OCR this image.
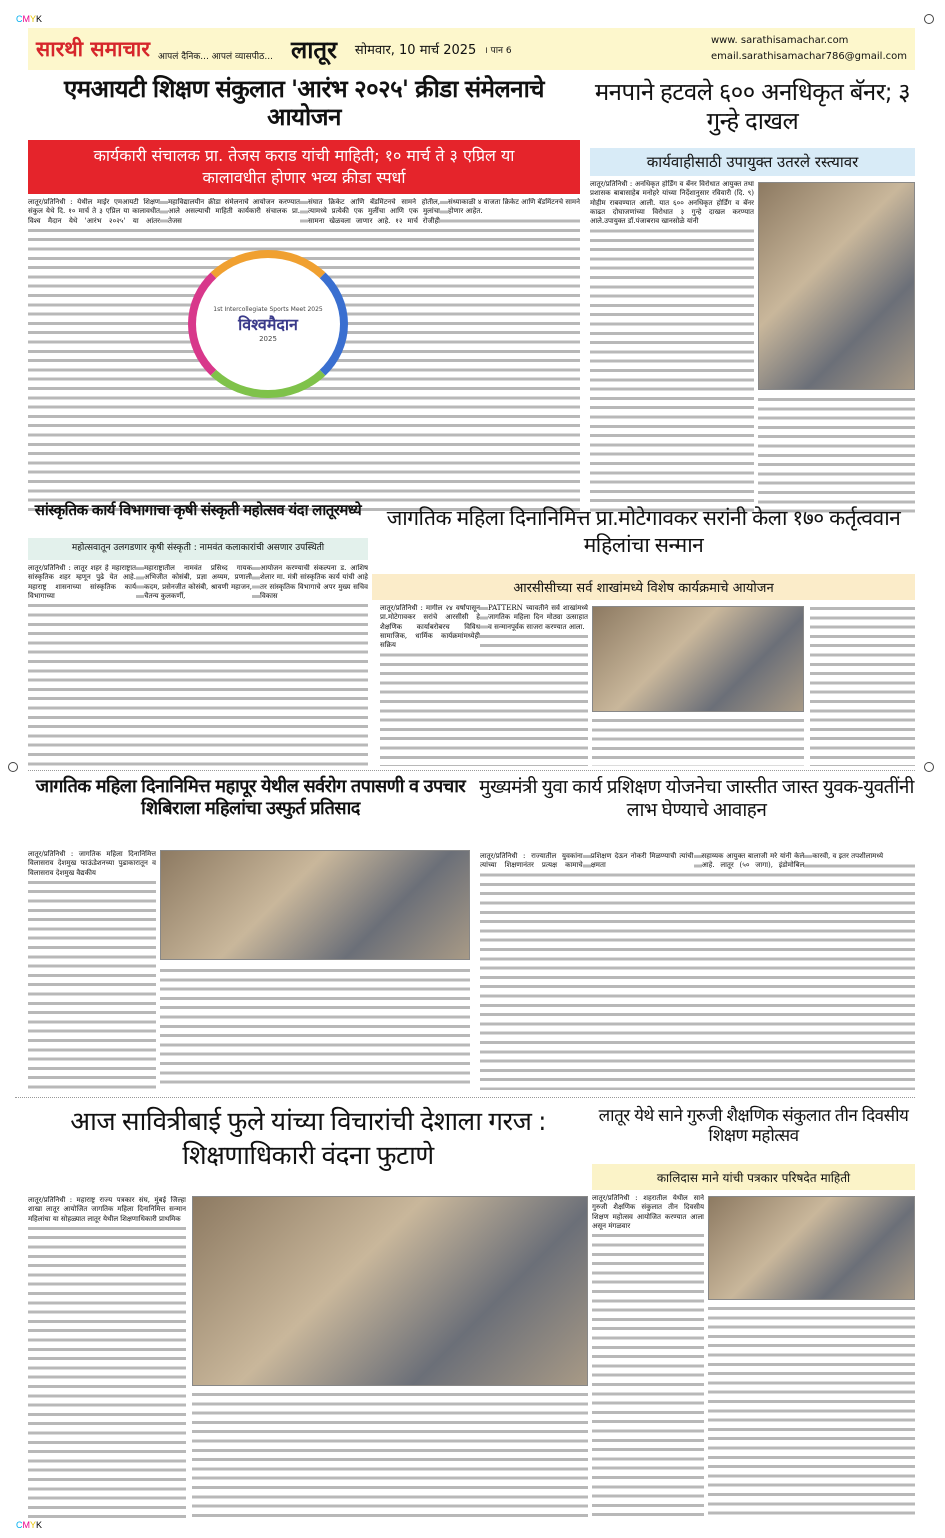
CMYK
सारथी समाचार आपलं दैनिक... आपलं व्यासपीठ... लातूर सोमवार, 10 मार्च 2025 । पान 6
www. sarathisamachar.com
email.sarathisamachar786@gmail.com
एमआयटी शिक्षण संकुलात 'आरंभ २०२५' क्रीडा संमेलनाचे आयोजन
कार्यकारी संचालक प्रा. तेजस कराड यांची माहिती; १० मार्च ते ३ एप्रिल या कालावधीत होणार भव्य क्रीडा स्पर्धा

लातूर/प्रतिनिधी : येथील माईर एमआयटी शिक्षण संकुल येथे दि. १० मार्च ते ३ एप्रिल या कालावधीत विश्व मैदान येथे 'आरंभ २०२५' या आंतर महाविद्यालयीन क्रीडा संमेलनाचे आयोजन करण्यात आले असल्याची माहिती कार्यकारी संचालक प्रा. तेजस

संघात क्रिकेट आणि बॅडमिंटनचे सामने होतील, त्यामध्ये प्रत्येकी एक मुलींचा आणि एक मुलांचा सामना खेळवला जाणार आहे. १२ मार्च रोजीही संध्याकाळी ४ वाजता क्रिकेट आणि बॅडमिंटनचे सामने होणार आहेत.

1st Intercollegiate Sports Meet 2025
विश्वमैदान
2025
मनपाने हटवले ६०० अनधिकृत बॅनर; ३ गुन्हे दाखल
कार्यवाहीसाठी उपायुक्त उतरले रस्त्यावर

लातूर/प्रतिनिधी : अनधिकृत होर्डिंग व बॅनर विरोधात आयुक्त तथा प्रशासक बाबासाहेब मनोहरे यांच्या निर्देशानुसार रविवारी (दि. ९) मोहीम राबवण्यात आली. यात ६०० अनधिकृत होर्डिंग व बॅनर काढत दोघाजणांच्या विरोधात ३ गुन्हे दाखल करण्यात आले.उपायुक्त डॉ.पंजाबराव खानसोळे यांनी

सांस्कृतिक कार्य विभागाचा कृषी संस्कृती महोत्सव यंदा लातूरमध्ये
महोत्सवातून उलगडणार कृषी संस्कृती : नामवंत कलाकारांची असणार उपस्थिती

लातूर/प्रतिनिधी : लातूर शहर हे महाराष्ट्रात सांस्कृतिक शहर म्हणून पुढे येत आहे. महाराष्ट्र शासनाच्या सांस्कृतिक कार्य विभागाच्या

महाराष्ट्रातील नामवंत प्रसिध्द गायक अभिजीत कोसंबी, प्रज्ञा अय्यम, प्रणाली कदम, प्रसेनजीत कोसंबी, श्रावणी महाजन, चैतन्य कुलकर्णी,

आयोजन करण्याची संकल्पना ड. आशिष शेलार मा. मंत्री सांस्कृतिक कार्य यांची आहे तर सांस्कृतिक विभागाचे अपर मुख्य सचिव विकास

जागतिक महिला दिनानिमित्त प्रा.मोटेगावकर सरांनी केला १७० कर्तृत्ववान महिलांचा सन्मान
आरसीसीच्या सर्व शाखांमध्ये विशेष कार्यक्रमाचे आयोजन

लातूर/प्रतिनिधी : मागील २४ वर्षांपासून प्रा.मोटेगावकर सरांचे आरसीसी हे शैक्षणिक कार्याबरोबरच विविध सामाजिक, धार्मिक कार्यक्रमांमध्येही सक्रिय

PATTERN च्यावतीने सर्व शाखांमध्ये जागतिक महिला दिन मोठ्या उत्साहात व सन्मानपूर्वक साजरा करण्यात आला.

जागतिक महिला दिनानिमित्त महापूर येथील सर्वरोग तपासणी व उपचार शिबिराला महिलांचा उस्फुर्त प्रतिसाद

लातूर/प्रतिनिधी : जागतिक महिला दिनानिमित्त विलासराव देशमुख फाऊंडेशनच्या पुढाकारातून व विलासराव देशमुख वैद्यकीय

मुख्यमंत्री युवा कार्य प्रशिक्षण योजनेचा जास्तीत जास्त युवक-युवतींनी लाभ घेण्याचे आवाहन

लातूर/प्रतिनिधी : राज्यातील युवकांना त्यांच्या शिक्षणानंतर प्रत्यक्ष कामाचे प्रशिक्षण देऊन नोकरी मिळण्याची त्यांची क्षमता

सहाय्यक आयुक्त बालाजी मरे यांनी केले आहे. लातूर (५० जागा), इंडोमोबिल कारवी, व इतर तपशीलामध्ये

आज सावित्रीबाई फुले यांच्या विचारांची देशाला गरज : शिक्षणाधिकारी वंदना फुटाणे

लातूर/प्रतिनिधी : महाराष्ट्र राज्य पत्रकार संघ, मुंबई जिल्हा शाखा लातूर आयोजित जागतिक महिला दिनानिमित्त सन्मान महिलांचा या सोहळ्यात लातूर येथील शिक्षणाधिकारी प्राथमिक

लातूर येथे साने गुरुजी शैक्षणिक संकुलात तीन दिवसीय शिक्षण महोत्सव
कालिदास माने यांची पत्रकार परिषदेत माहिती

लातूर/प्रतिनिधी : शहरातील येथील साने गुरुजी शैक्षणिक संकुलात तीन दिवसीय शिक्षण महोत्सव आयोजित करण्यात आला असून मंगळवार

CMYK
